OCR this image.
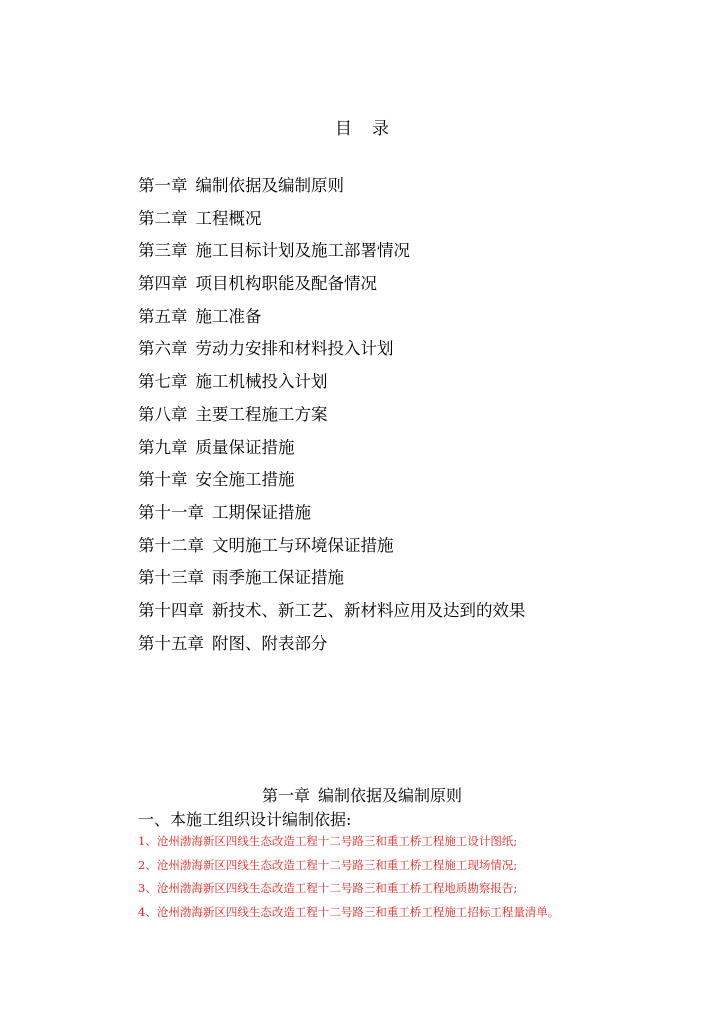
目录
第一章 编制依据及编制原则
第二章 工程概况
第三章 施工目标计划及施工部署情况
第四章 项目机构职能及配备情况
第五章 施工准备
第六章 劳动力安排和材料投入计划
第七章 施工机械投入计划
第八章 主要工程施工方案
第九章 质量保证措施
第十章 安全施工措施
第十一章 工期保证措施
第十二章 文明施工与环境保证措施
第十三章 雨季施工保证措施
第十四章 新技术、新工艺、新材料应用及达到的效果
第十五章 附图、附表部分
第一章 编制依据及编制原则
一、本施工组织设计编制依据:
1、沧州渤海新区四线生态改造工程十二号路三和重工桥工程施工设计图纸;
2、沧州渤海新区四线生态改造工程十二号路三和重工桥工程施工现场情况;
3、沧州渤海新区四线生态改造工程十二号路三和重工桥工程地质勘察报告;
4、沧州渤海新区四线生态改造工程十二号路三和重工桥工程施工招标工程量清单。
